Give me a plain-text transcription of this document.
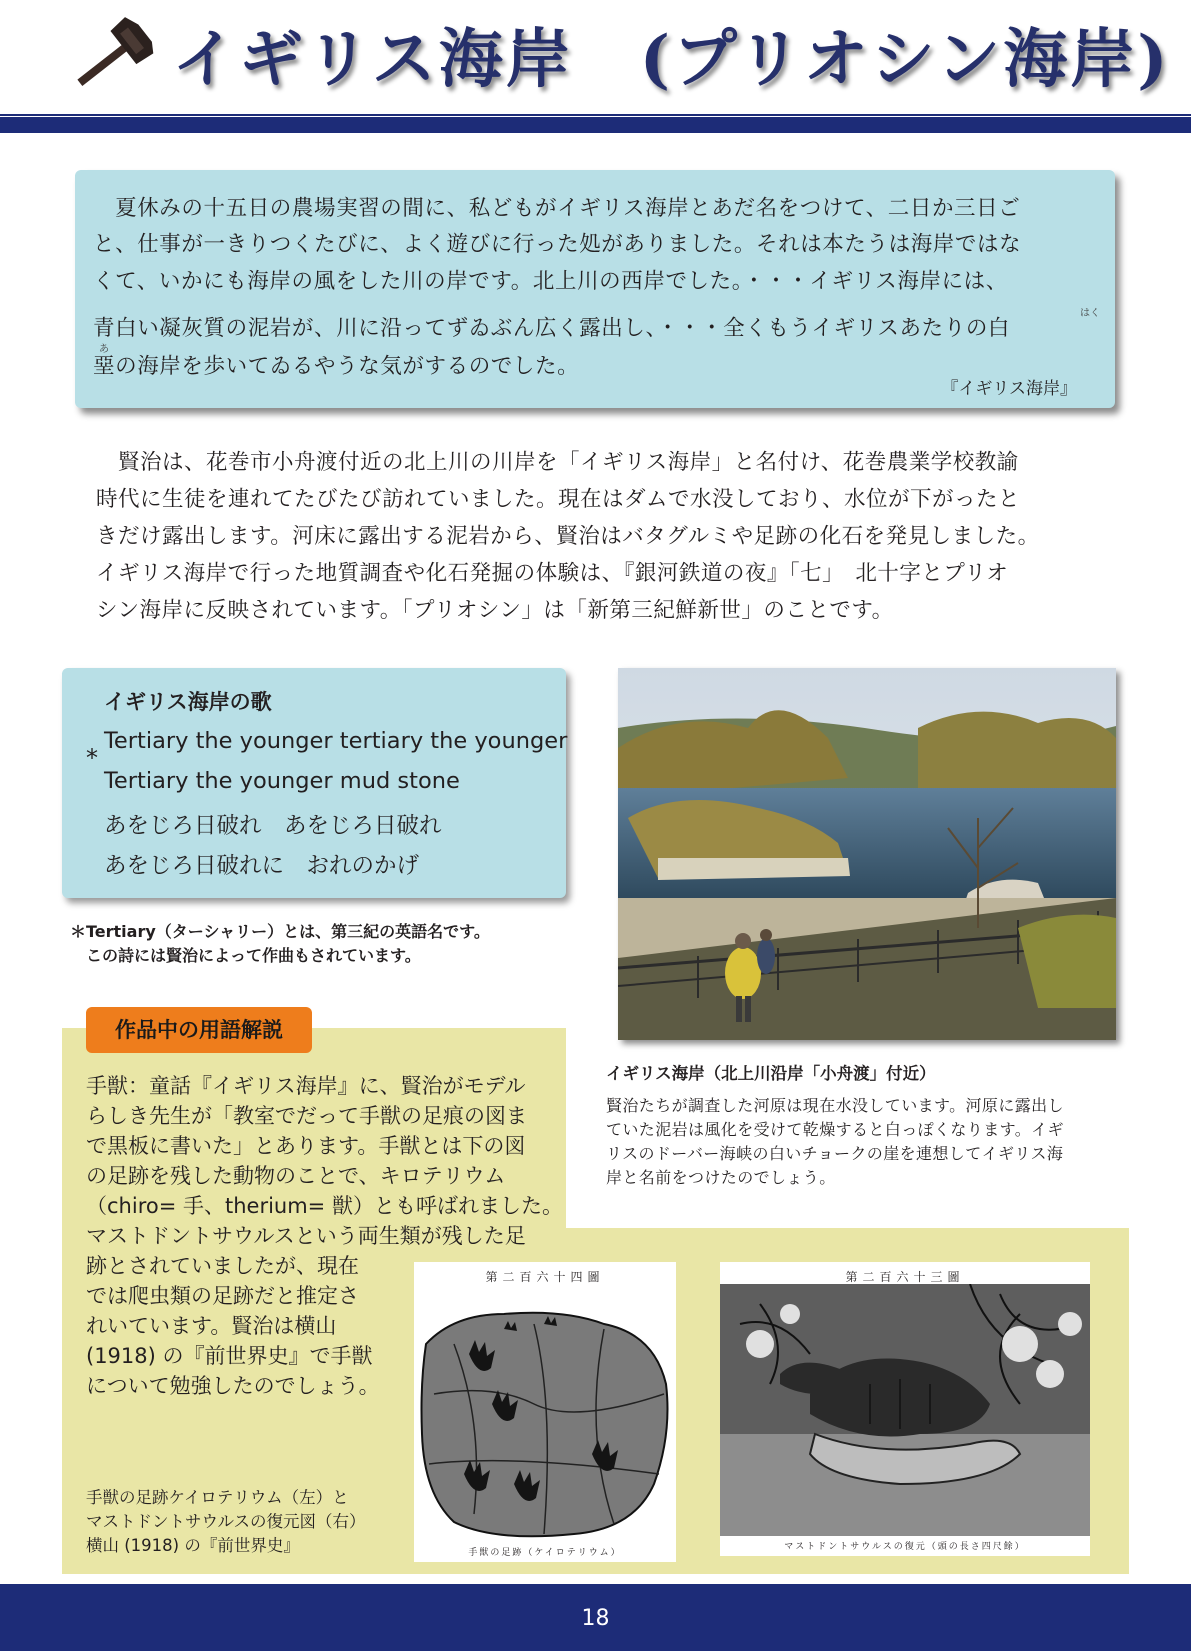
イギリス海岸　(プリオシン海岸)
　夏休みの十五日の農場実習の間に、私どもがイギリス海岸とあだ名をつけて、二日か三日ご
と、仕事が一きりつくたびに、よく遊びに行った処がありました。それは本たうは海岸ではな
くて、いかにも海岸の風をした川の岸です。北上川の西岸でした。・・・イギリス海岸には、
はく
青白い凝灰質の泥岩が、川に沿ってずゐぶん広く露出し、・・・全くもうイギリスあたりの白
あ
堊の海岸を歩いてゐるやうな気がするのでした。
『イギリス海岸』
　賢治は、花巻市小舟渡付近の北上川の川岸を「イギリス海岸」と名付け、花巻農業学校教諭
時代に生徒を連れてたびたび訪れていました。現在はダムで水没しており、水位が下がったと
きだけ露出します。河床に露出する泥岩から、賢治はバタグルミや足跡の化石を発見しました。
イギリス海岸で行った地質調査や化石発掘の体験は、『銀河鉄道の夜』「七」　北十字とプリオ
シン海岸に反映されています。「プリオシン」は「新第三紀鮮新世」のことです。
イギリス海岸の歌
*
Tertiary the younger tertiary the younger
Tertiary the younger mud stone
あをじろ日破れ　あをじろ日破れ
あをじろ日破れに　おれのかげ
＊Tertiary（ターシャリー）とは、第三紀の英語名です。
　この詩には賢治によって作曲もされています。
イギリス海岸（北上川沿岸「小舟渡」付近）
賢治たちが調査した河原は現在水没しています。河原に露出し
ていた泥岩は風化を受けて乾燥すると白っぽくなります。イギ
リスのドーバー海峡の白いチョークの崖を連想してイギリス海
岸と名前をつけたのでしょう。
作品中の用語解説
手獣：童話『イギリス海岸』に、賢治がモデル
らしき先生が「教室でだって手獣の足痕の図ま
で黒板に書いた」とあります。手獣とは下の図
の足跡を残した動物のことで、キロテリウム
（chiro= 手、therium= 獣）とも呼ばれました。
マストドントサウルスという両生類が残した足
跡とされていましたが、現在
では爬虫類の足跡だと推定さ
れいています。賢治は横山
(1918) の『前世界史』で手獣
について勉強したのでしょう。
手獣の足跡ケイロテリウム（左）と
マストドントサウルスの復元図（右）
横山 (1918) の『前世界史』
第二百六十四圖
手獣の足跡（ケイロテリウム）
第二百六十三圖
マストドントサウルスの復元（頭の長さ四尺餘）
18
